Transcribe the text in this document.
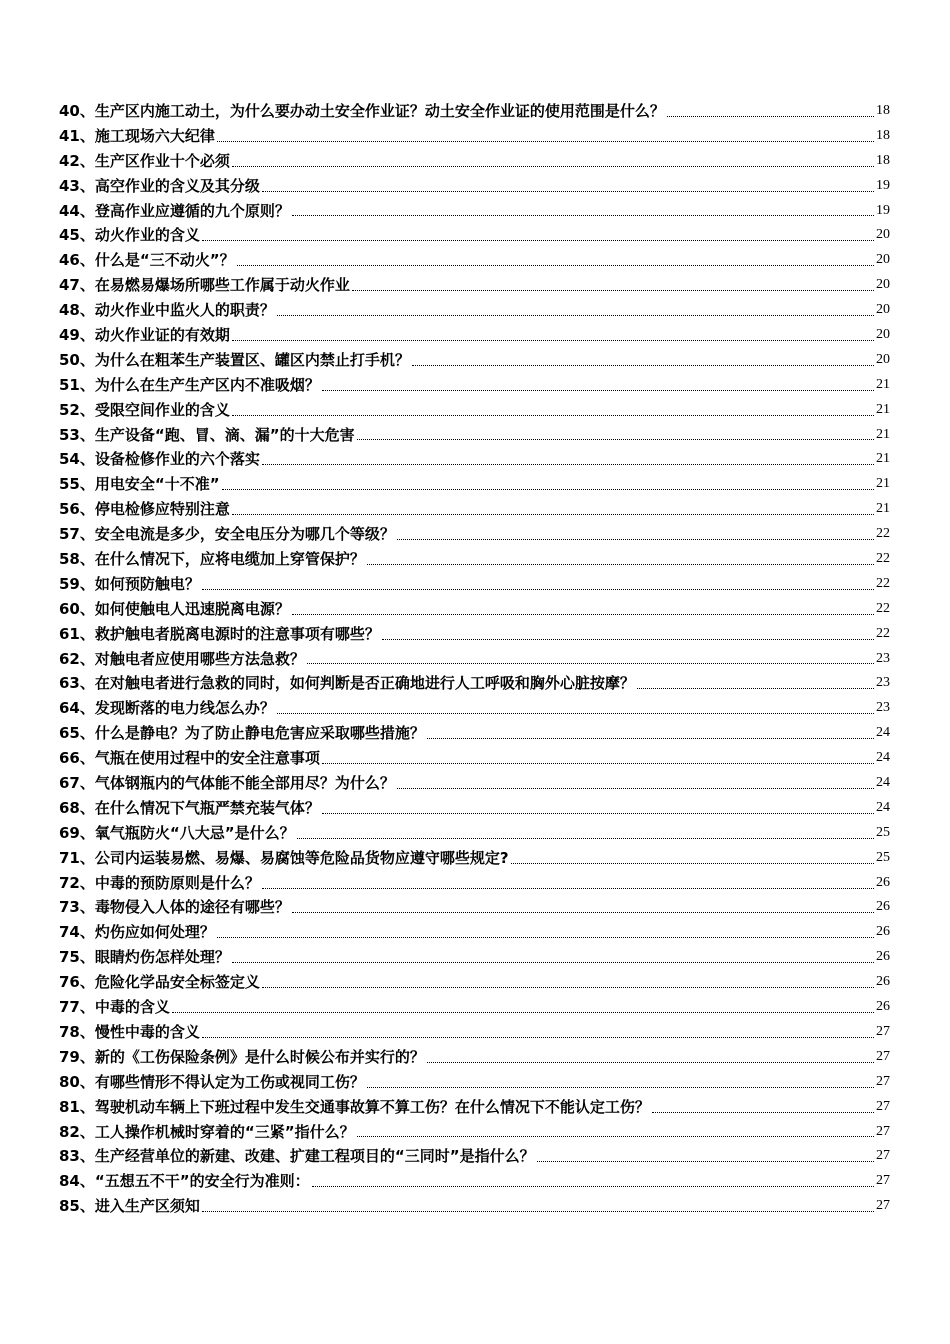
40、生产区内施工动土，为什么要办动土安全作业证？动土安全作业证的使用范围是什么？	18
41、施工现场六大纪律	18
42、生产区作业十个必须	18
43、高空作业的含义及其分级	19
44、登高作业应遵循的九个原则？	19
45、动火作业的含义	20
46、什么是“三不动火”？	20
47、在易燃易爆场所哪些工作属于动火作业	20
48、动火作业中监火人的职责？	20
49、动火作业证的有效期	20
50、为什么在粗苯生产装置区、罐区内禁止打手机？	20
51、为什么在生产生产区内不准吸烟？	21
52、受限空间作业的含义	21
53、生产设备“跑、冒、滴、漏”的十大危害	21
54、设备检修作业的六个落实	21
55、用电安全“十不准”	21
56、停电检修应特别注意	21
57、安全电流是多少，安全电压分为哪几个等级？	22
58、在什么情况下，应将电缆加上穿管保护？	22
59、如何预防触电？	22
60、如何使触电人迅速脱离电源？	22
61、救护触电者脱离电源时的注意事项有哪些？	22
62、对触电者应使用哪些方法急救？	23
63、在对触电者进行急救的同时，如何判断是否正确地进行人工呼吸和胸外心脏按摩？	23
64、发现断落的电力线怎么办？	23
65、什么是静电？为了防止静电危害应采取哪些措施？	24
66、气瓶在使用过程中的安全注意事项	24
67、气体钢瓶内的气体能不能全部用尽？为什么？	24
68、在什么情况下气瓶严禁充装气体？	24
69、氧气瓶防火“八大忌”是什么？	25
71、公司内运装易燃、易爆、易腐蚀等危险品货物应遵守哪些规定?	25
72、中毒的预防原则是什么？	26
73、毒物侵入人体的途径有哪些？	26
74、灼伤应如何处理？	26
75、眼睛灼伤怎样处理？	26
76、危险化学品安全标签定义	26
77、中毒的含义	26
78、慢性中毒的含义	27
79、新的《工伤保险条例》是什么时候公布并实行的？	27
80、有哪些情形不得认定为工伤或视同工伤？	27
81、驾驶机动车辆上下班过程中发生交通事故算不算工伤？在什么情况下不能认定工伤？	27
82、工人操作机械时穿着的“三紧”指什么？	27
83、生产经营单位的新建、改建、扩建工程项目的“三同时”是指什么？	27
84、“五想五不干”的安全行为准则：	27
85、进入生产区须知	27
